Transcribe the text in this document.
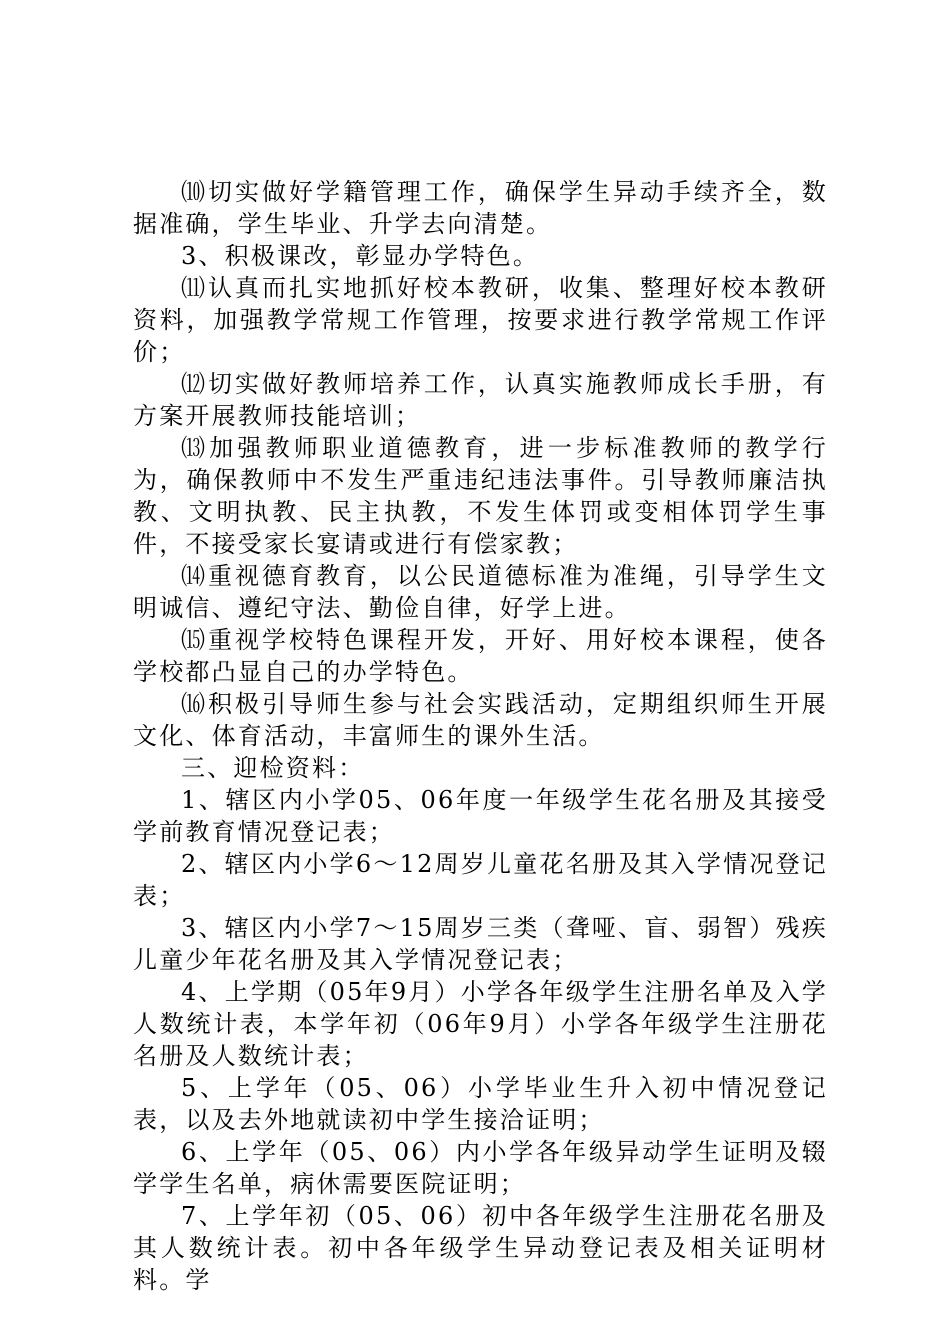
⑽切实做好学籍管理工作，确保学生异动手续齐全，数据准确，学生毕业、升学去向清楚。

3、积极课改，彰显办学特色。

⑾认真而扎实地抓好校本教研，收集、整理好校本教研资料，加强教学常规工作管理，按要求进行教学常规工作评价；

⑿切实做好教师培养工作，认真实施教师成长手册，有方案开展教师技能培训；

⒀加强教师职业道德教育，进一步标准教师的教学行为，确保教师中不发生严重违纪违法事件。引导教师廉洁执教、文明执教、民主执教，不发生体罚或变相体罚学生事件，不接受家长宴请或进行有偿家教；

⒁重视德育教育，以公民道德标准为准绳，引导学生文明诚信、遵纪守法、勤俭自律，好学上进。

⒂重视学校特色课程开发，开好、用好校本课程，使各学校都凸显自己的办学特色。

⒃积极引导师生参与社会实践活动，定期组织师生开展文化、体育活动，丰富师生的课外生活。

三、迎检资料：

1、辖区内小学05、06年度一年级学生花名册及其接受学前教育情况登记表；

2、辖区内小学6～12周岁儿童花名册及其入学情况登记表；

3、辖区内小学7～15周岁三类（聋哑、盲、弱智）残疾儿童少年花名册及其入学情况登记表；

4、上学期（05年9月）小学各年级学生注册名单及入学人数统计表，本学年初（06年9月）小学各年级学生注册花名册及人数统计表；

5、上学年（05、06）小学毕业生升入初中情况登记表，以及去外地就读初中学生接洽证明；

6、上学年（05、06）内小学各年级异动学生证明及辍学学生名单，病休需要医院证明；

7、上学年初（05、06）初中各年级学生注册花名册及其人数统计表。初中各年级学生异动登记表及相关证明材料。学
